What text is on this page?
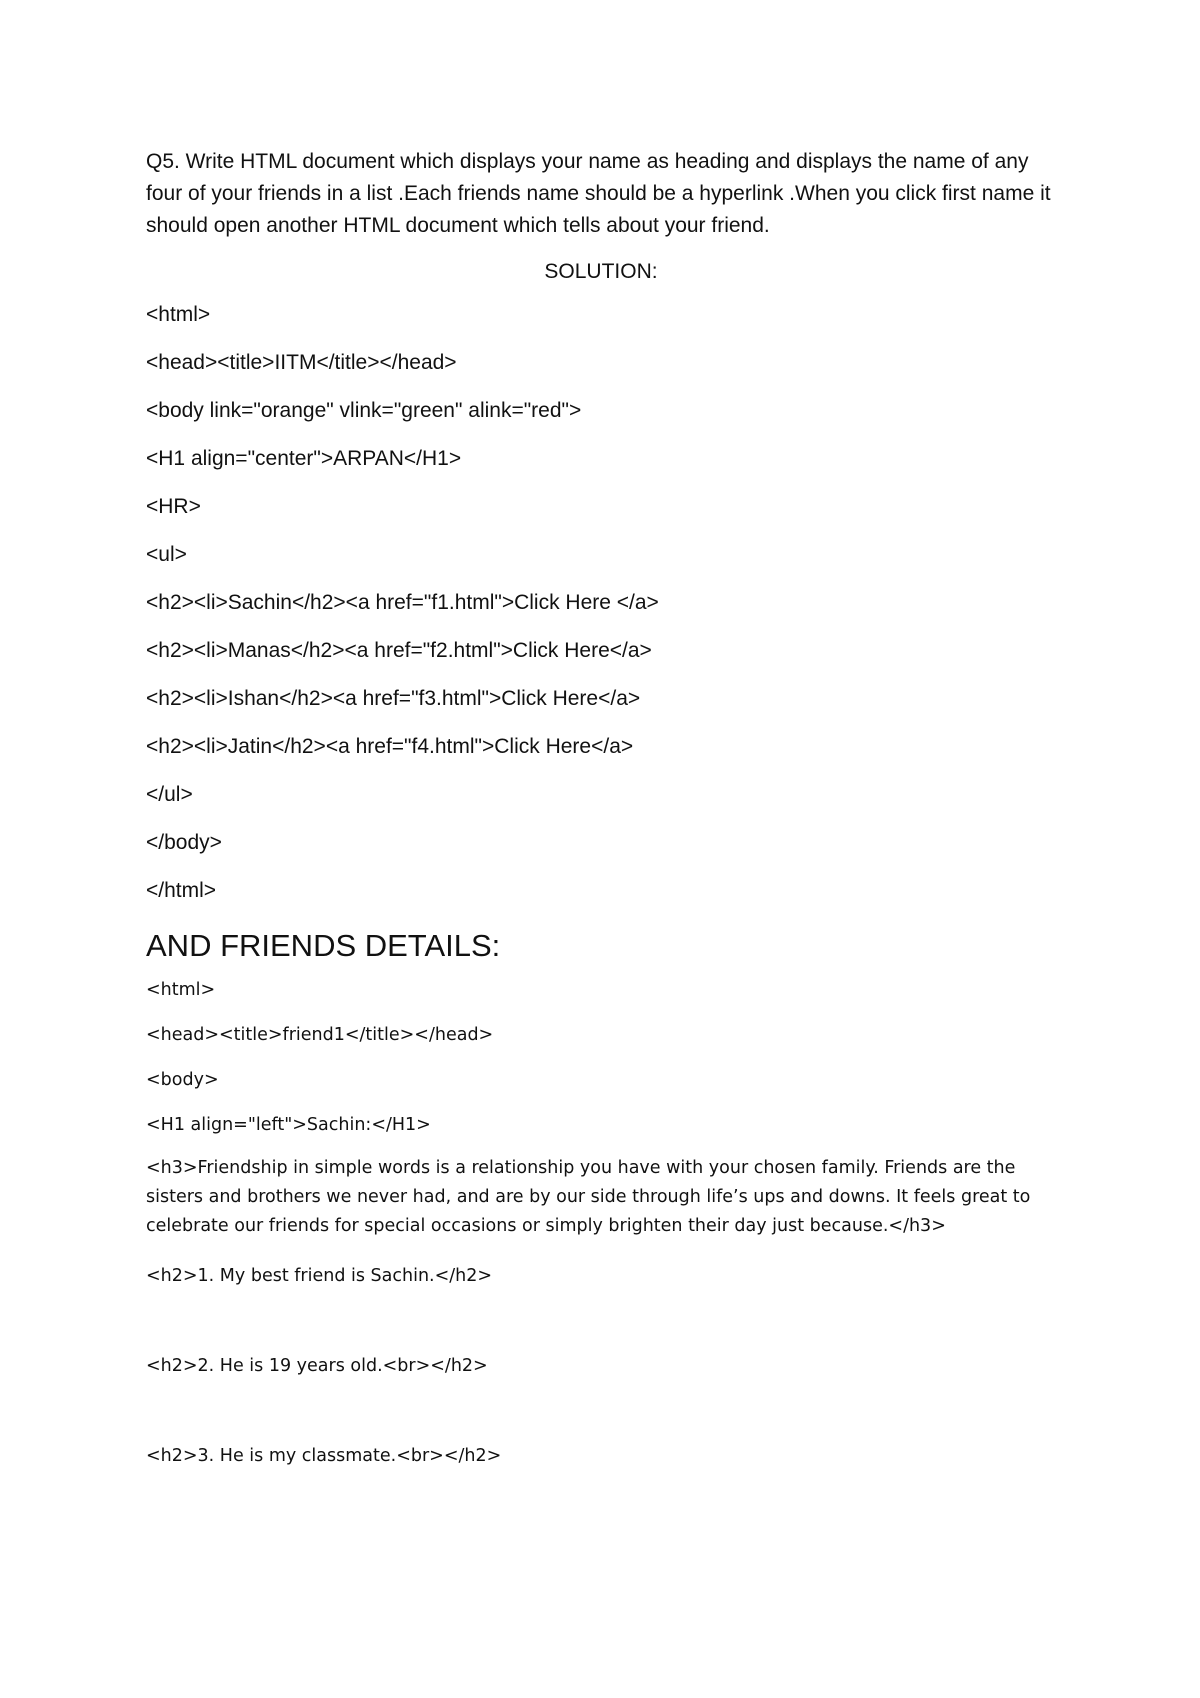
Q5. Write HTML document which displays your name as heading and displays the name of any four of your friends in a list .Each friends name should be a hyperlink .When you click first name it should open another HTML document which tells about your friend.

SOLUTION:

<html>
<head><title>IITM</title></head>
<body link="orange" vlink="green" alink="red">
<H1 align="center">ARPAN</H1>
<HR>
<ul>
<h2><li>Sachin</h2><a href="f1.html">Click Here </a>
<h2><li>Manas</h2><a href="f2.html">Click Here</a>
<h2><li>Ishan</h2><a href="f3.html">Click Here</a>
<h2><li>Jatin</h2><a href="f4.html">Click Here</a>
</ul>
</body>
</html>
AND FRIENDS DETAILS:

<html>

<head><title>friend1</title></head>

<body>

<H1 align="left">Sachin:</H1>

<h3>Friendship in simple words is a relationship you have with your chosen family. Friends are the sisters and brothers we never had, and are by our side through life’s ups and downs. It feels great to celebrate our friends for special occasions or simply brighten their day just because.</h3>

<h2>1. My best friend is Sachin.</h2>

<h2>2. He is 19 years old.<br></h2>

<h2>3. He is my classmate.<br></h2>
